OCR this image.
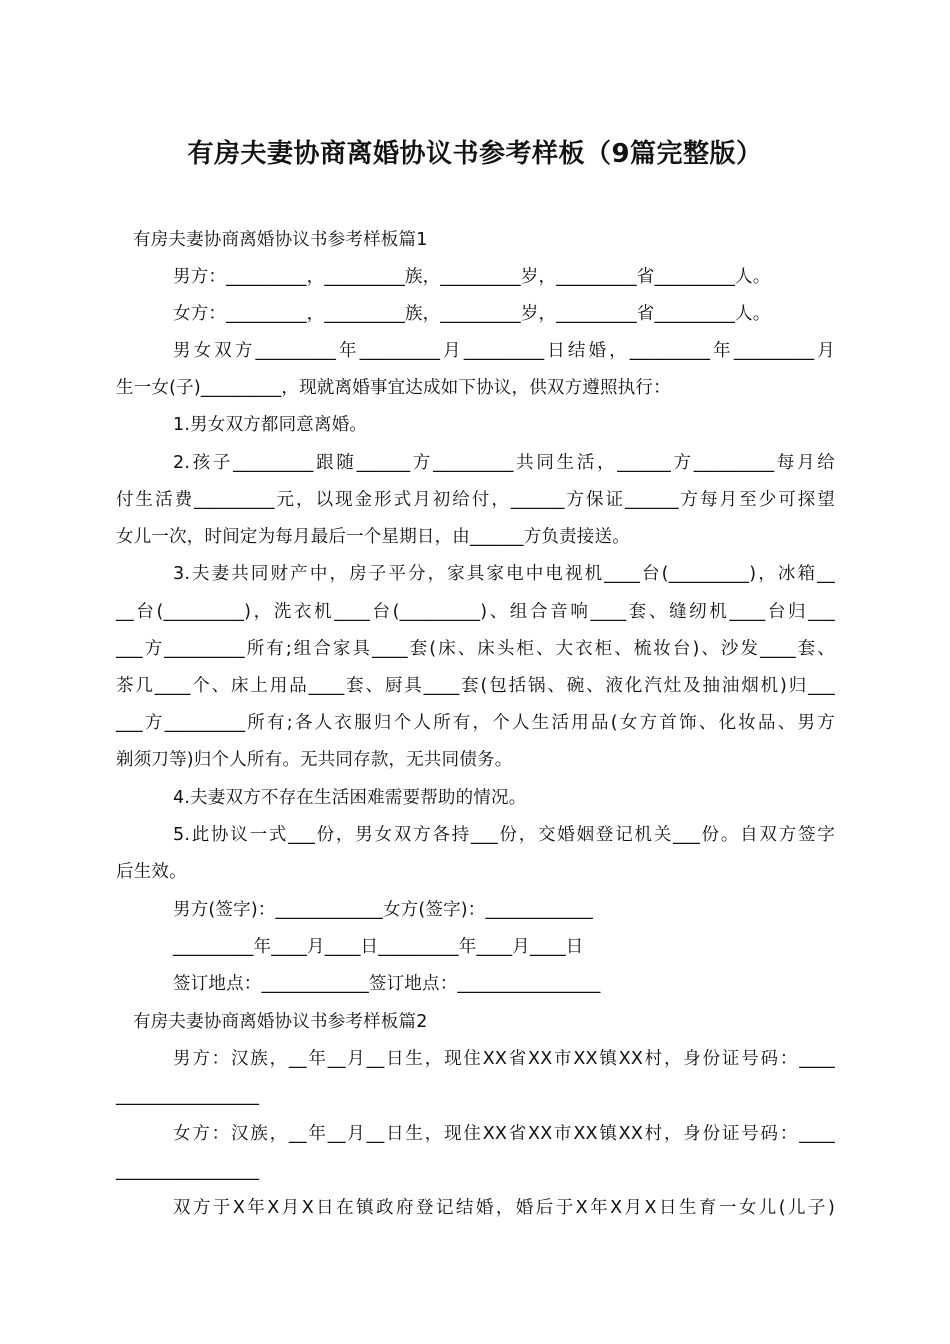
有房夫妻协商离婚协议书参考样板（9篇完整版）
有房夫妻协商离婚协议书参考样板篇1
男方：_________，_________族，_________岁，_________省_________人。
女方：_________，_________族，_________岁，_________省_________人。
男女双方_________年_________月_________日结婚，_________年_________月
生一女(子)_________，现就离婚事宜达成如下协议，供双方遵照执行：
1.男女双方都同意离婚。
2.孩子_________跟随______方_________共同生活，______方_________每月给
付生活费_________元，以现金形式月初给付，______方保证______方每月至少可探望
女儿一次，时间定为每月最后一个星期日，由______方负责接送。
3.夫妻共同财产中，房子平分，家具家电中电视机____台(_________)，冰箱__
__台(_________)，洗衣机____台(_________)、组合音响____套、缝纫机____台归___
___方_________所有;组合家具____套(床、床头柜、大衣柜、梳妆台)、沙发____套、
茶几____个、床上用品____套、厨具____套(包括锅、碗、液化汽灶及抽油烟机)归___
___方_________所有;各人衣服归个人所有，个人生活用品(女方首饰、化妆品、男方
剃须刀等)归个人所有。无共同存款，无共同债务。
4.夫妻双方不存在生活困难需要帮助的情况。
5.此协议一式___份，男女双方各持___份，交婚姻登记机关___份。自双方签字
后生效。
男方(签字)：____________女方(签字)：____________
_________年____月____日_________年____月____日
签订地点：____________签订地点：________________
有房夫妻协商离婚协议书参考样板篇2
男方：汉族，__年__月__日生，现住XX省XX市XX镇XX村，身份证号码：____
________________
女方：汉族，__年__月__日生，现住XX省XX市XX镇XX村，身份证号码：____
________________
双方于X年X月X日在镇政府登记结婚，婚后于X年X月X日生育一女儿(儿子)
